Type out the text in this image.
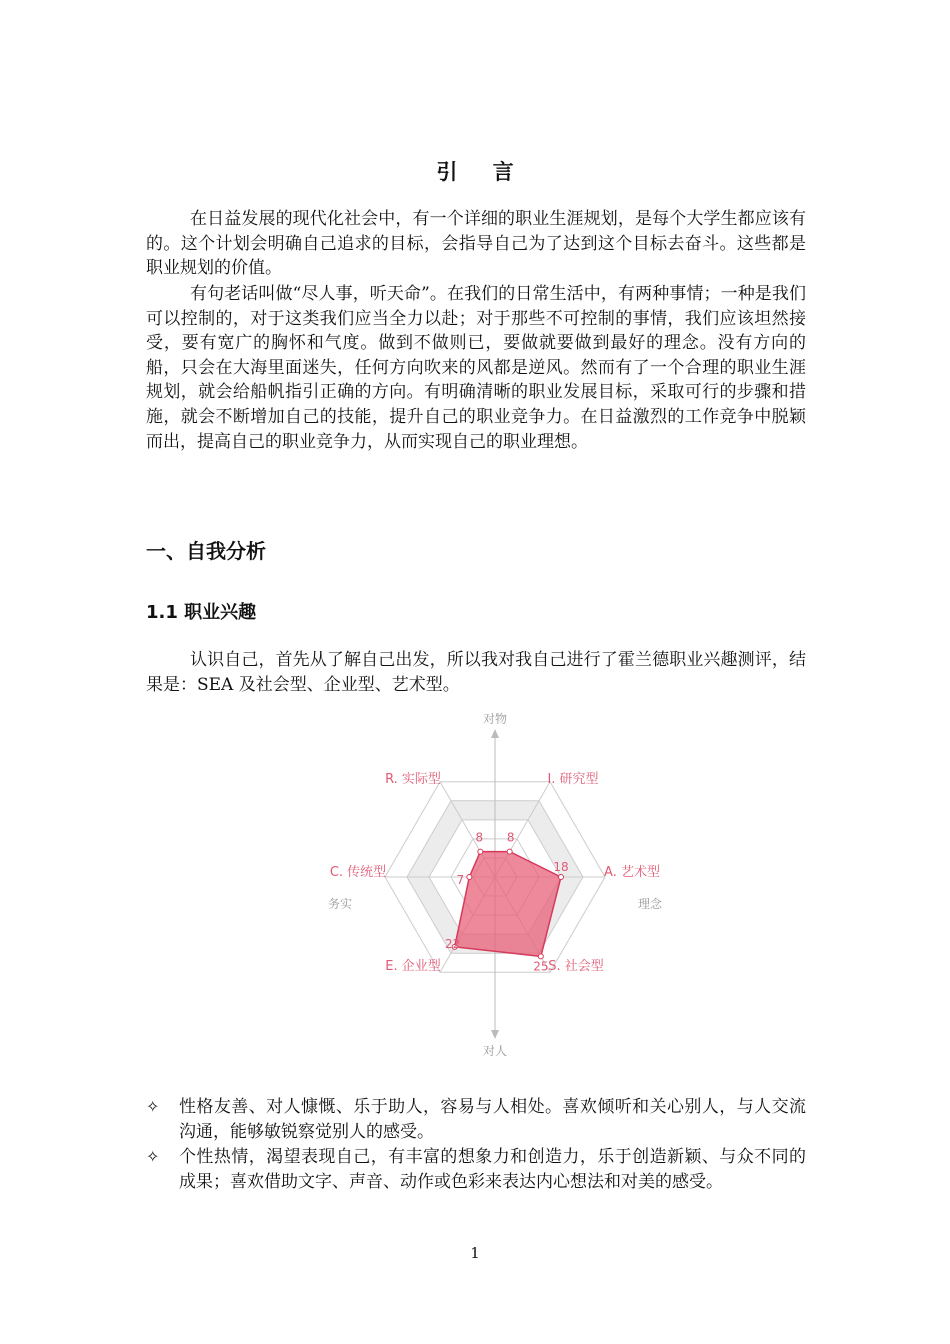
引 言

在日益发展的现代化社会中，有一个详细的职业生涯规划，是每个大学生都应该有的。这个计划会明确自己追求的目标，会指导自己为了达到这个目标去奋斗。这些都是职业规划的价值。

有句老话叫做“尽人事，听天命”。在我们的日常生活中，有两种事情；一种是我们可以控制的，对于这类我们应当全力以赴；对于那些不可控制的事情，我们应该坦然接受，要有宽广的胸怀和气度。做到不做则已，要做就要做到最好的理念。没有方向的船，只会在大海里面迷失，任何方向吹来的风都是逆风。然而有了一个合理的职业生涯规划，就会给船帆指引正确的方向。有明确清晰的职业发展目标，采取可行的步骤和措施，就会不断增加自己的技能，提升自己的职业竞争力。在日益激烈的工作竞争中脱颖而出，提高自己的职业竞争力，从而实现自己的职业理想。

一、自我分析
1.1 职业兴趣

认识自己，首先从了解自己出发，所以我对我自己进行了霍兰德职业兴趣测评，结果是：SEA 及社会型、企业型、艺术型。

对物
对人
务实	理念
8 8
18
25
22
7
R. 实际型	I. 研究型
A. 艺术型
S. 社会型
E. 企业型
C. 传统型
✧	性格友善、对人慷慨、乐于助人，容易与人相处。喜欢倾听和关心别人，与人交流沟通，能够敏锐察觉别人的感受。
✧	个性热情，渴望表现自己，有丰富的想象力和创造力，乐于创造新颖、与众不同的成果；喜欢借助文字、声音、动作或色彩来表达内心想法和对美的感受。
1
